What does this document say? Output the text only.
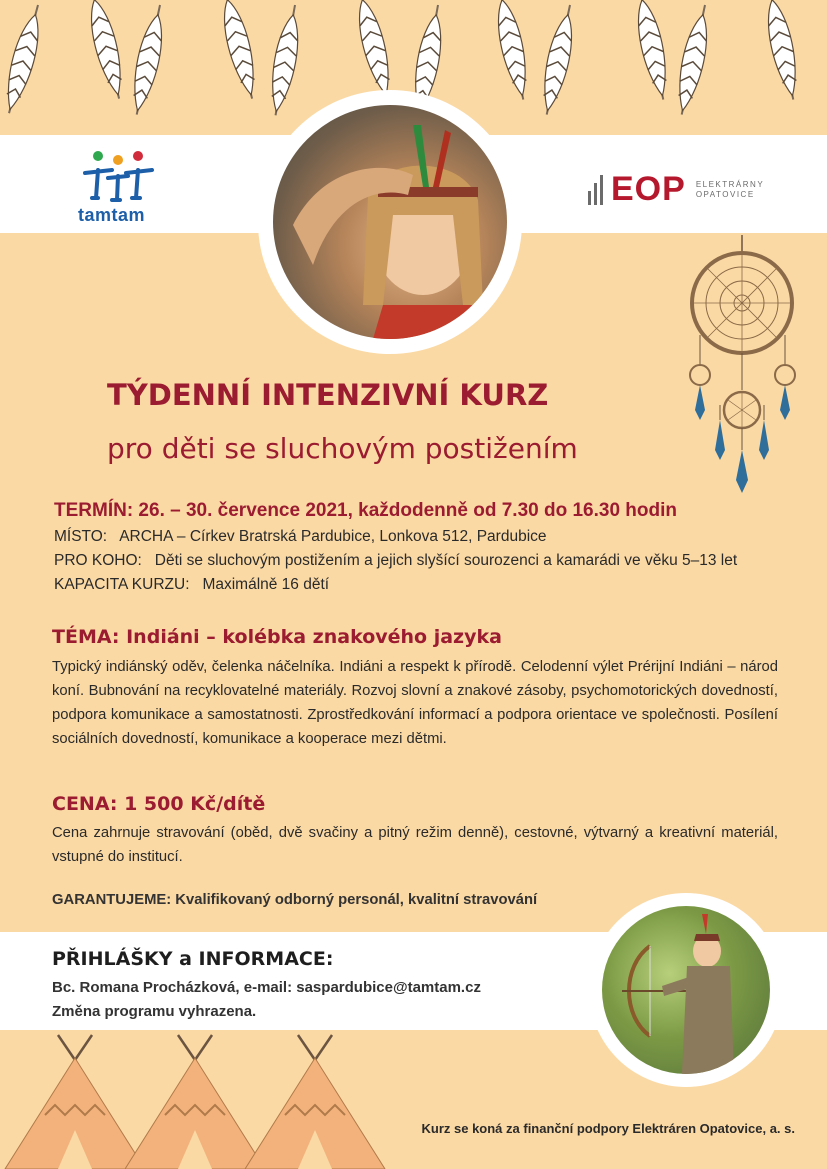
tamtam
EOP ELEKTRÁRNY
OPATOVICE
TÝDENNÍ INTENZIVNÍ KURZ
pro děti se sluchovým postižením
TERMÍN: 26. – 30. července 2021, každodenně od 7.30 do 16.30 hodin
MÍSTO: ARCHA – Církev Bratrská Pardubice, Lonkova 512, Pardubice
PRO KOHO: Děti se sluchovým postižením a jejich slyšící sourozenci a kamarádi ve věku 5–13 let
KAPACITA KURZU: Maximálně 16 dětí
TÉMA: Indiáni – kolébka znakového jazyka
Typický indiánský oděv, čelenka náčelníka. Indiáni a respekt k přírodě. Celodenní výlet Prérijní Indiáni – národ koní. Bubnování na recyklovatelné materiály. Rozvoj slovní a znakové zásoby, psychomotorických dovedností, podpora komunikace a samostatnosti. Zprostředkování informací a podpora orientace ve společnosti. Posílení sociálních dovedností, komunikace a kooperace mezi dětmi.
CENA: 1 500 Kč/dítě
Cena zahrnuje stravování (oběd, dvě svačiny a pitný režim denně), cestovné, výtvarný a kreativní materiál, vstupné do institucí.
GARANTUJEME: Kvalifikovaný odborný personál, kvalitní stravování
PŘIHLÁŠKY a INFORMACE:
Bc. Romana Procházková, e-mail: saspardubice@tamtam.cz
Změna programu vyhrazena.
Kurz se koná za finanční podpory Elektráren Opatovice, a. s.
